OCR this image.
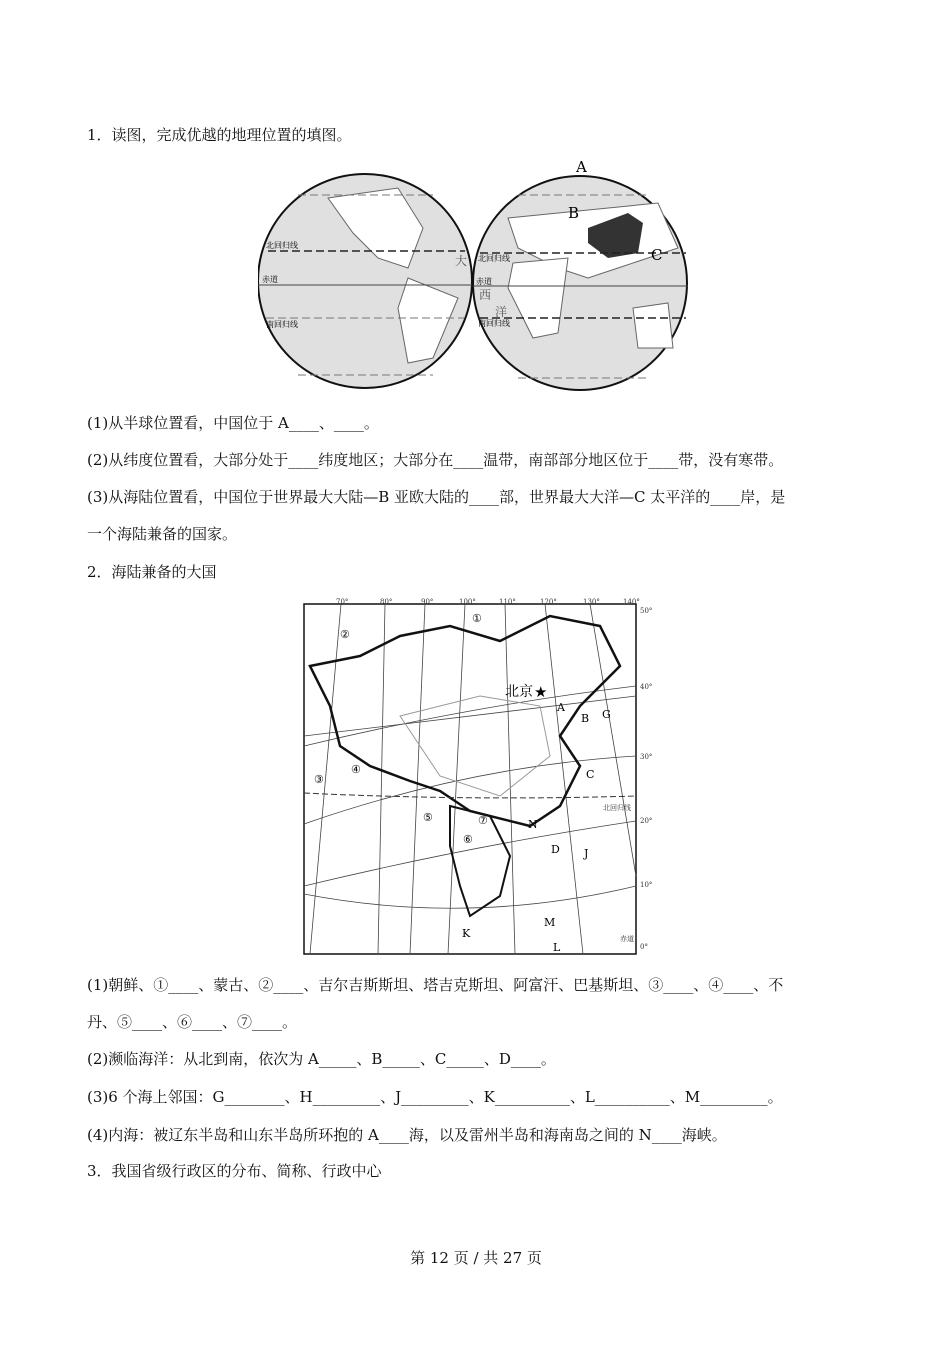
1．读图，完成优越的地理位置的填图。
北回归线
赤道
南回归线
大 北回归线
赤道
南回归线
西
洋
A
B
C
(1)从半球位置看，中国位于 A____、____。
(2)从纬度位置看，大部分处于____纬度地区；大部分在____温带，南部部分地区位于____带，没有寒带。
(3)从海陆位置看，中国位于世界最大大陆—B 亚欧大陆的____部，世界最大大洋—C 太平洋的____岸，是
一个海陆兼备的国家。
2．海陆兼备的大国
70°	80°	90°	100°	110°	120°	130°	140°
50°
40°
30°
20°
10°
0°
北回归线
赤道
北京 ★
①
②
③
④
⑤
⑥
⑦
A
B
C
D
G
J
K
L
M
N
(1)朝鲜、①____、蒙古、②____、吉尔吉斯斯坦、塔吉克斯坦、阿富汗、巴基斯坦、③____、④____、不
丹、⑤____、⑥____、⑦____。
(2)濒临海洋：从北到南，依次为 A_____、B_____、C_____、D____。
(3)6 个海上邻国：G________、H_________、J_________、K__________、L__________、M_________。
(4)内海：被辽东半岛和山东半岛所环抱的 A____海，以及雷州半岛和海南岛之间的 N____海峡。
3．我国省级行政区的分布、简称、行政中心
第 12 页 / 共 27 页
